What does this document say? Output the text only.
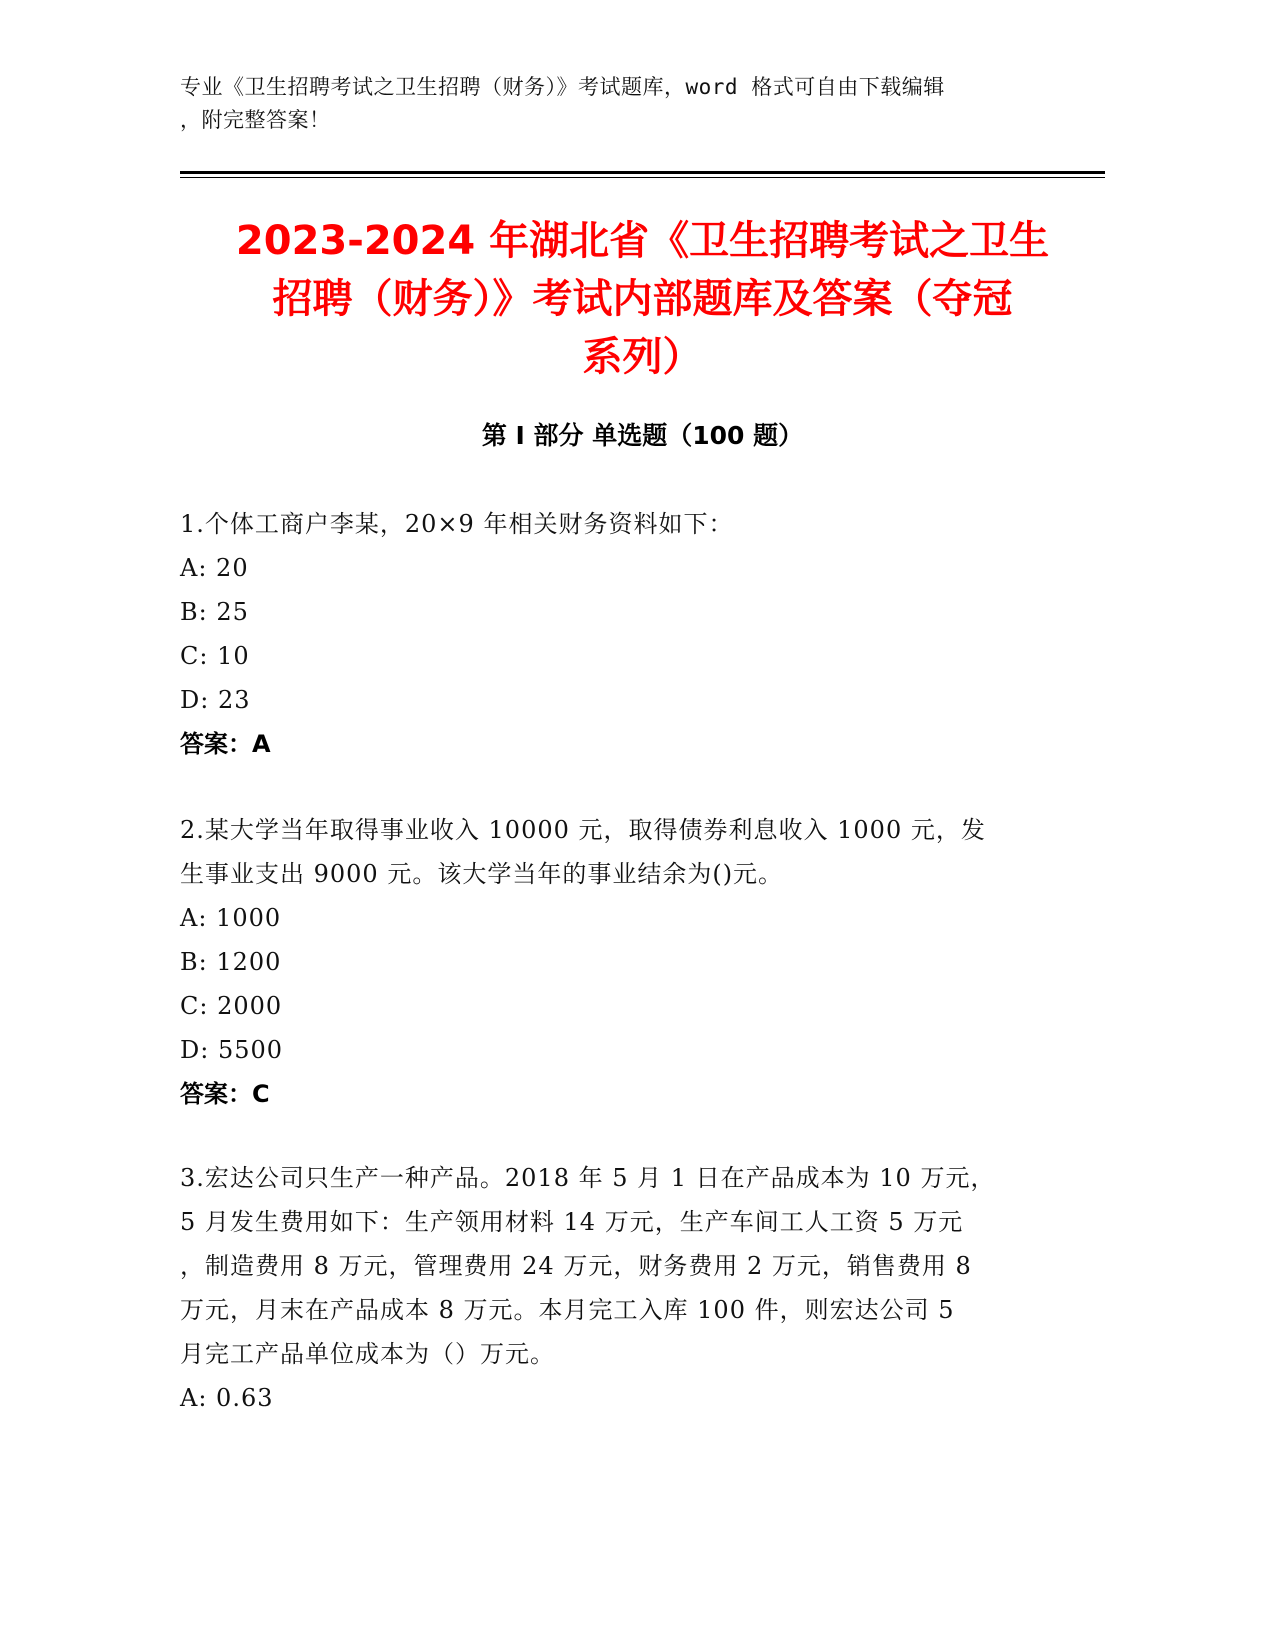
专业《卫生招聘考试之卫生招聘（财务）》考试题库，word 格式可自由下载编辑
，附完整答案！
2023-2024 年湖北省《卫生招聘考试之卫生
招聘（财务）》考试内部题库及答案（夺冠
系列）
第 I 部分 单选题（100 题）
1.个体工商户李某，20×9 年相关财务资料如下：
A: 20
B: 25
C: 10
D: 23
答案：A
2.某大学当年取得事业收入 10000 元，取得债券利息收入 1000 元，发
生事业支出 9000 元。该大学当年的事业结余为()元。
A: 1000
B: 1200
C: 2000
D: 5500
答案：C
3.宏达公司只生产一种产品。2018 年 5 月 1 日在产品成本为 10 万元，
5 月发生费用如下：生产领用材料 14 万元，生产车间工人工资 5 万元
，制造费用 8 万元，管理费用 24 万元，财务费用 2 万元，销售费用 8
万元，月末在产品成本 8 万元。本月完工入库 100 件，则宏达公司 5
月完工产品单位成本为（）万元。
A: 0.63
